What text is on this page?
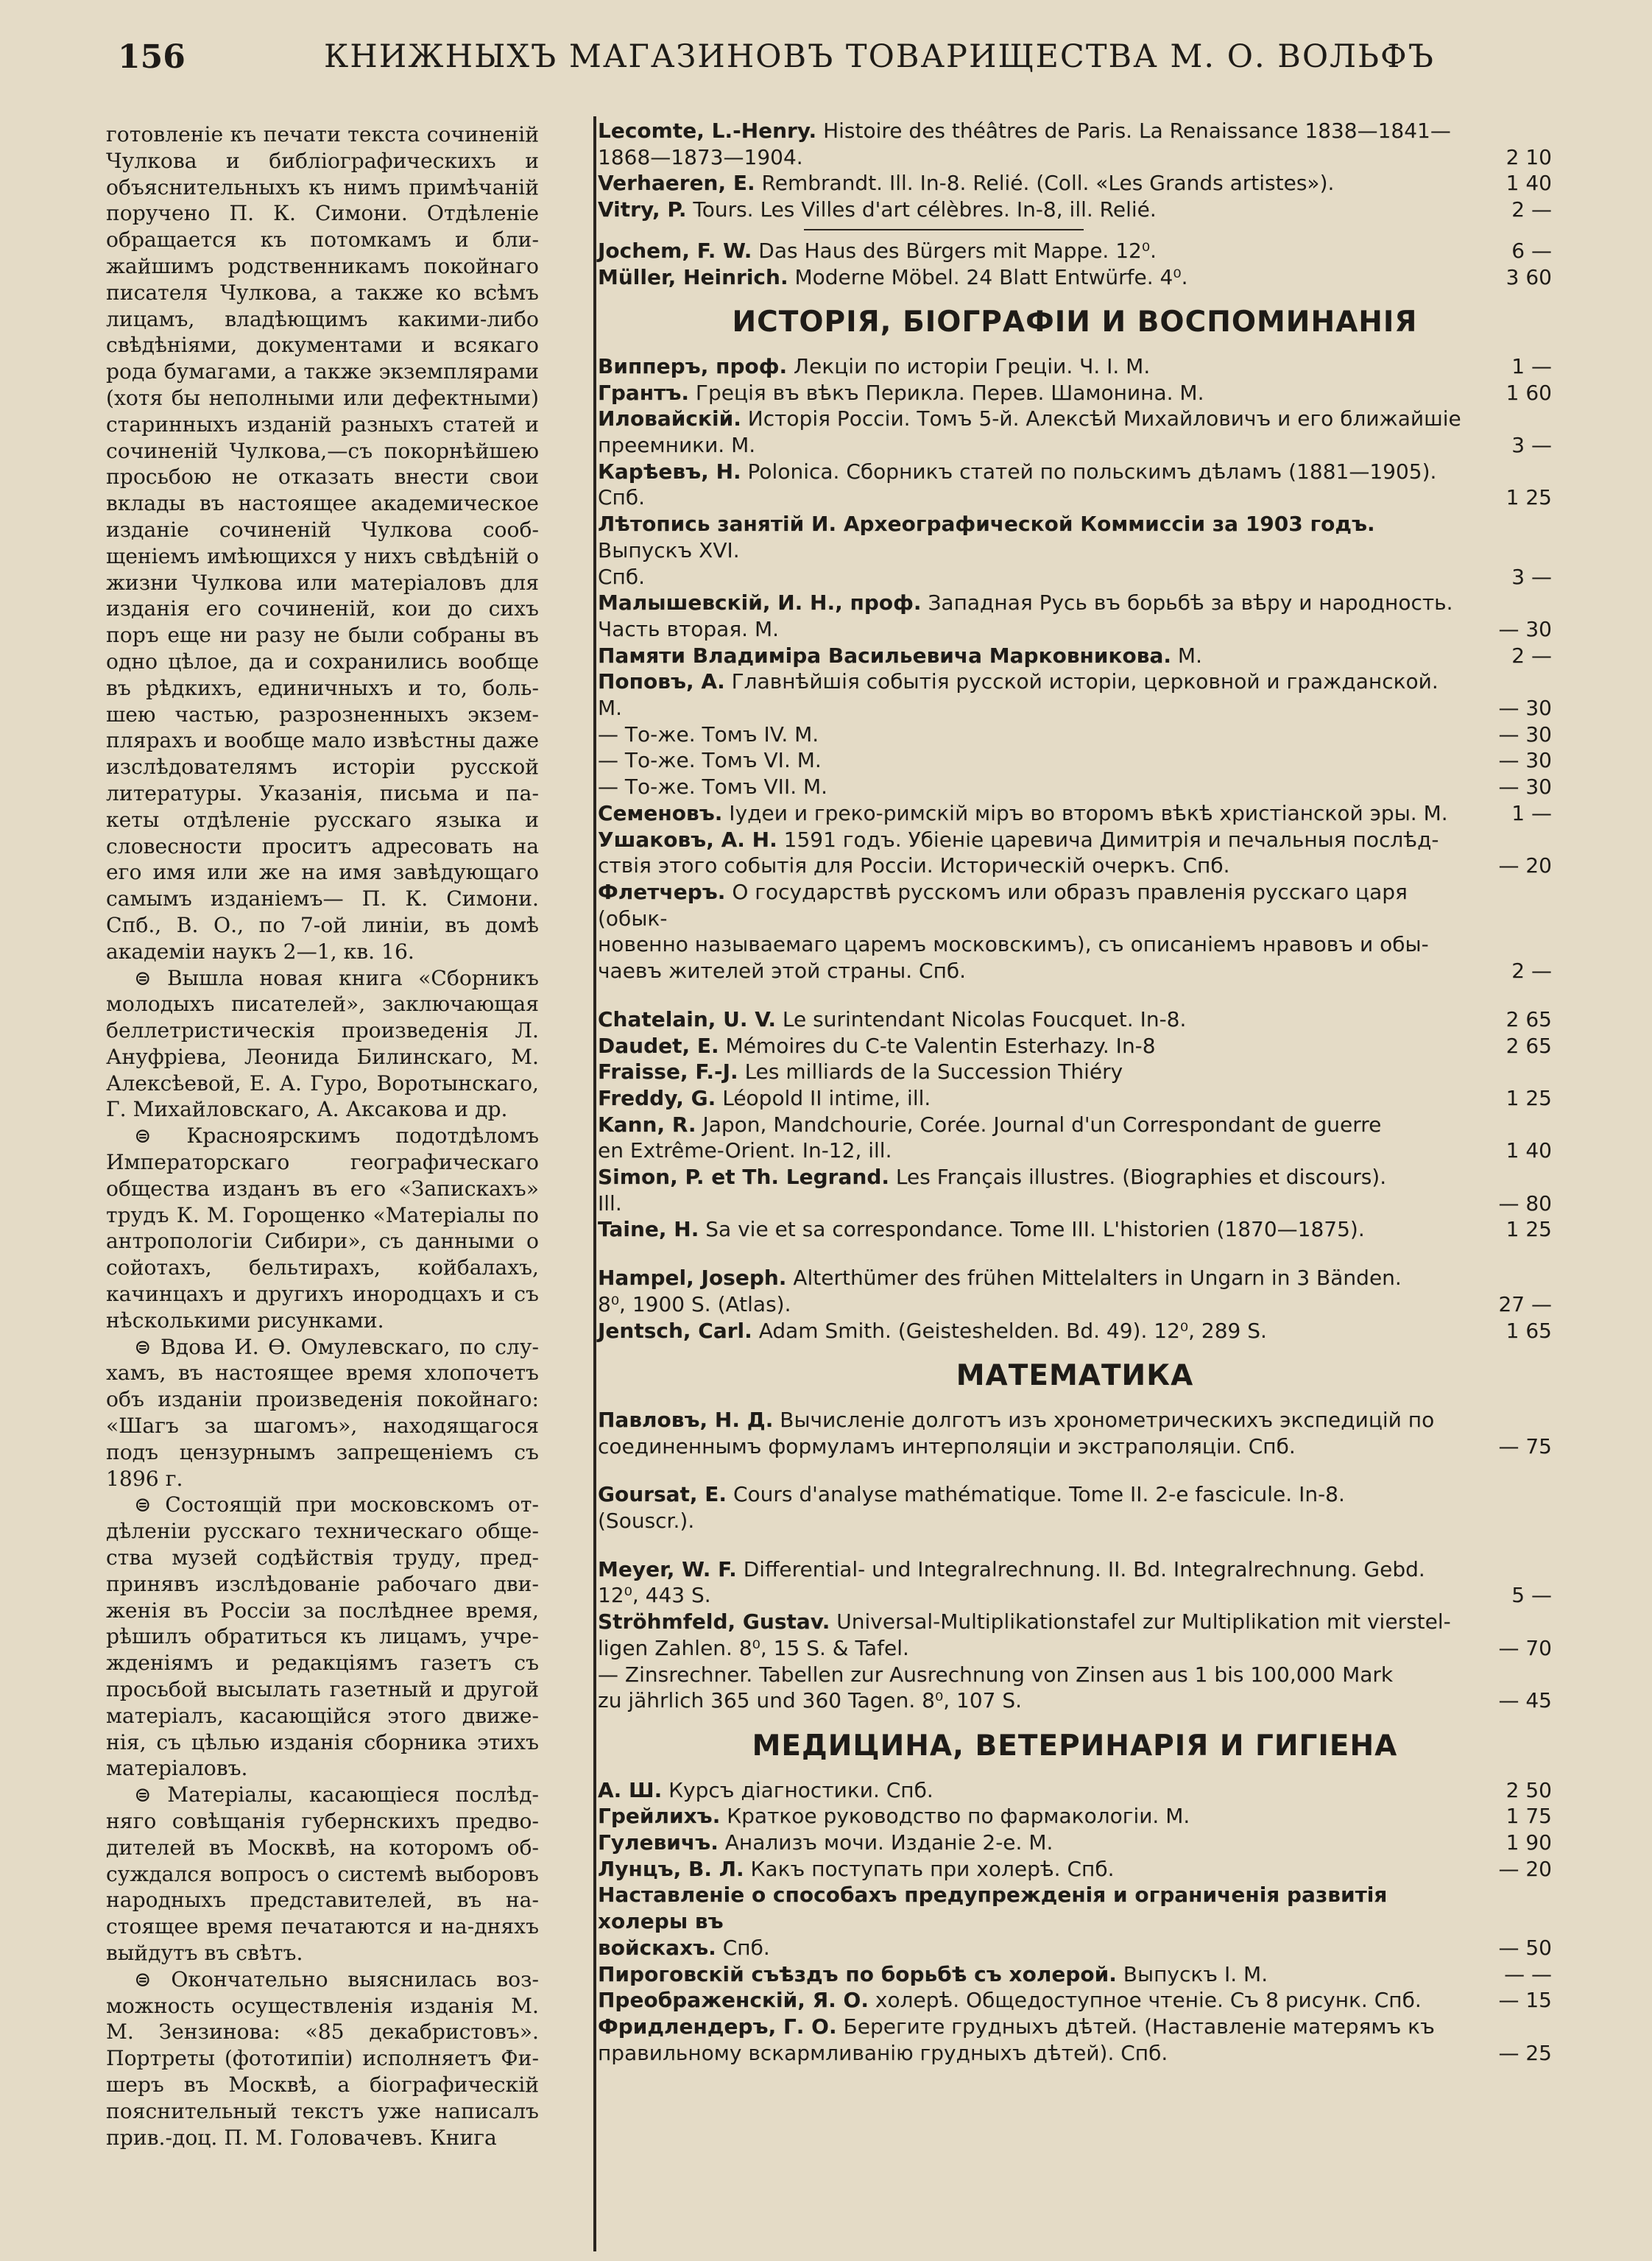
156	КНИЖНЫХЪ МАГАЗИНОВЪ ТОВАРИЩЕСТВА М. О. ВОЛЬФЪ

готовленіе къ печати текста сочиненій Чулкова и библіографическихъ и объяснительныхъ къ нимъ примѣчаній поручено П. К. Симони. Отдѣленіе обращается къ потомкамъ и ближайшимъ родственникамъ покойнаго писателя Чулкова, а также ко всѣмъ лицамъ, владѣющимъ какими-либо свѣдѣніями, документами и всякаго рода бумагами, а также экземплярами (хотя бы неполными или дефектными) старинныхъ изданій разныхъ статей и сочиненій Чулкова,—съ покорнѣйшею просьбою не отказать внести свои вклады въ настоящее академическое изданіе сочиненій Чулкова сообщеніемъ имѣющихся у нихъ свѣдѣній о жизни Чулкова или матеріаловъ для изданія его сочиненій, кои до сихъ поръ еще ни разу не были собраны въ одно цѣлое, да и сохранились вообще въ рѣдкихъ, единичныхъ и то, большею частью, разрозненныхъ экземплярахъ и вообще мало извѣстны даже изслѣдователямъ исторіи русской литературы. Указанія, письма и пакеты отдѣленіе русскаго языка и словесности проситъ адресовать на его имя или же на имя завѣдующаго самымъ изданіемъ— П. К. Симони. Спб., В. О., по 7-ой линіи, въ домѣ академіи наукъ 2—1, кв. 16.

⊜ Вышла новая книга «Сборникъ молодыхъ писателей», заключающая беллетристическія произведенія Л. Ануфріева, Леонида Билинскаго, М. Алексѣевой, Е. А. Гуро, Воротынскаго, Г. Михайловскаго, А. Аксакова и др.

⊜ Красноярскимъ подотдѣломъ Императорскаго географическаго общества изданъ въ его «Запискахъ» трудъ К. М. Горощенко «Матеріалы по антропологіи Сибири», съ данными о сойотахъ, бельтирахъ, койбалахъ, качинцахъ и другихъ инородцахъ и съ нѣсколькими рисунками.

⊜ Вдова И. Ѳ. Омулевскаго, по слухамъ, въ настоящее время хлопочетъ объ изданіи произведенія покойнаго: «Шагъ за шагомъ», находящагося подъ цензурнымъ запрещеніемъ съ 1896 г.

⊜ Состоящій при московскомъ отдѣленіи русскаго техническаго общества музей содѣйствія труду, предпринявъ изслѣдованіе рабочаго движенія въ Россіи за послѣднее время, рѣшилъ обратиться къ лицамъ, учрежденіямъ и редакціямъ газетъ съ просьбой высылать газетный и другой матеріалъ, касающійся этого движенія, съ цѣлью изданія сборника этихъ матеріаловъ.

⊜ Матеріалы, касающіеся послѣдняго совѣщанія губернскихъ предводителей въ Москвѣ, на которомъ обсуждался вопросъ о системѣ выборовъ народныхъ представителей, въ настоящее время печатаются и на-дняхъ выйдутъ въ свѣтъ.

⊜ Окончательно выяснилась возможность осуществленія изданія М. М. Зензинова: «85 декабристовъ». Портреты (фототипіи) исполняетъ Фишеръ въ Москвѣ, а біографическій пояснительный текстъ уже написалъ прив.-доц. П. М. Головачевъ. Книга

Lecomte, L.-Henry. Histoire des théâtres de Paris. La Renaissance 1838—1841—
1868—1873—1904.	2 10
Verhaeren, E. Rembrandt. Ill. In-8. Relié. (Coll. «Les Grands artistes»).	1 40
Vitry, P. Tours. Les Villes d'art célèbres. In-8, ill. Relié.	2 —
Jochem, F. W. Das Haus des Bürgers mit Mappe. 12⁰.	6 —
Müller, Heinrich. Moderne Möbel. 24 Blatt Entwürfe. 4⁰.	3 60
ИСТОРІЯ, БІОГРАФІИ И ВОСПОМИНАНІЯ
Випперъ, проф. Лекціи по исторіи Греціи. Ч. I. М.	1 —
Грантъ. Греція въ вѣкъ Перикла. Перев. Шамонина. М.	1 60
Иловайскій. Исторія Россіи. Томъ 5-й. Алексѣй Михайловичъ и его ближайшіе
преемники. М.	3 —
Карѣевъ, Н. Polonica. Сборникъ статей по польскимъ дѣламъ (1881—1905).
Спб.	1 25
Лѣтопись занятій И. Археографической Коммиссіи за 1903 годъ. Выпускъ XVI.
Спб.	3 —
Малышевскій, И. Н., проф. Западная Русь въ борьбѣ за вѣру и народность.
Часть вторая. М.	— 30
Памяти Владиміра Васильевича Марковникова. М.	2 —
Поповъ, А. Главнѣйшія событія русской исторіи, церковной и гражданской.
М.	— 30
— То-же. Томъ IV. М.	— 30
— То-же. Томъ VI. М.	— 30
— То-же. Томъ VII. М.	— 30
Семеновъ. Іудеи и греко-римскій міръ во второмъ вѣкѣ христіанской эры. М.	1 —
Ушаковъ, А. Н. 1591 годъ. Убіеніе царевича Димитрія и печальныя послѣд-
ствія этого событія для Россіи. Историческій очеркъ. Спб.	— 20
Флетчеръ. О государствѣ русскомъ или образъ правленія русскаго царя (обык-
новенно называемаго царемъ московскимъ), съ описаніемъ нравовъ и обы-
чаевъ жителей этой страны. Спб.	2 —
Chatelain, U. V. Le surintendant Nicolas Foucquet. In-8.	2 65
Daudet, E. Mémoires du C-te Valentin Esterhazy. In-8	2 65
Fraisse, F.-J. Les milliards de la Succession Thiéry
Freddy, G. Léopold II intime, ill.	1 25
Kann, R. Japon, Mandchourie, Corée. Journal d'un Correspondant de guerre
en Extrême-Orient. In-12, ill.	1 40
Simon, P. et Th. Legrand. Les Français illustres. (Biographies et discours).
Ill.	— 80
Taine, H. Sa vie et sa correspondance. Tome III. L'historien (1870—1875).	1 25
Hampel, Joseph. Alterthümer des frühen Mittelalters in Ungarn in 3 Bänden.
8⁰, 1900 S. (Atlas).	27 —
Jentsch, Carl. Adam Smith. (Geisteshelden. Bd. 49). 12⁰, 289 S.	1 65
МАТЕМАТИКА
Павловъ, Н. Д. Вычисленіе долготъ изъ хронометрическихъ экспедицій по
соединеннымъ формуламъ интерполяціи и экстраполяціи. Спб.	— 75
Goursat, E. Cours d'analyse mathématique. Tome II. 2-e fascicule. In-8.
(Souscr.).
Meyer, W. F. Differential- und Integralrechnung. II. Bd. Integralrechnung. Gebd.
12⁰, 443 S.	5 —
Ströhmfeld, Gustav. Universal-Multiplikationstafel zur Multiplikation mit vierstel-
ligen Zahlen. 8⁰, 15 S. & Tafel.	— 70
— Zinsrechner. Tabellen zur Ausrechnung von Zinsen aus 1 bis 100,000 Mark
zu jährlich 365 und 360 Tagen. 8⁰, 107 S.	— 45
МЕДИЦИНА, ВЕТЕРИНАРІЯ И ГИГІЕНА
А. Ш. Курсъ діагностики. Спб.	2 50
Грейлихъ. Краткое руководство по фармакологіи. М.	1 75
Гулевичъ. Анализъ мочи. Изданіе 2-е. М.	1 90
Лунцъ, В. Л. Какъ поступать при холерѣ. Спб.	— 20
Наставленіе о способахъ предупрежденія и ограниченія развитія холеры въ
войскахъ. Спб.	— 50
Пироговскій съѣздъ по борьбѣ съ холерой. Выпускъ I. М.	— —
Преображенскій, Я. О. холерѣ. Общедоступное чтеніе. Съ 8 рисунк. Спб.	— 15
Фридлендеръ, Г. О. Берегите грудныхъ дѣтей. (Наставленіе матерямъ къ
правильному вскармливанію грудныхъ дѣтей). Спб.	— 25
